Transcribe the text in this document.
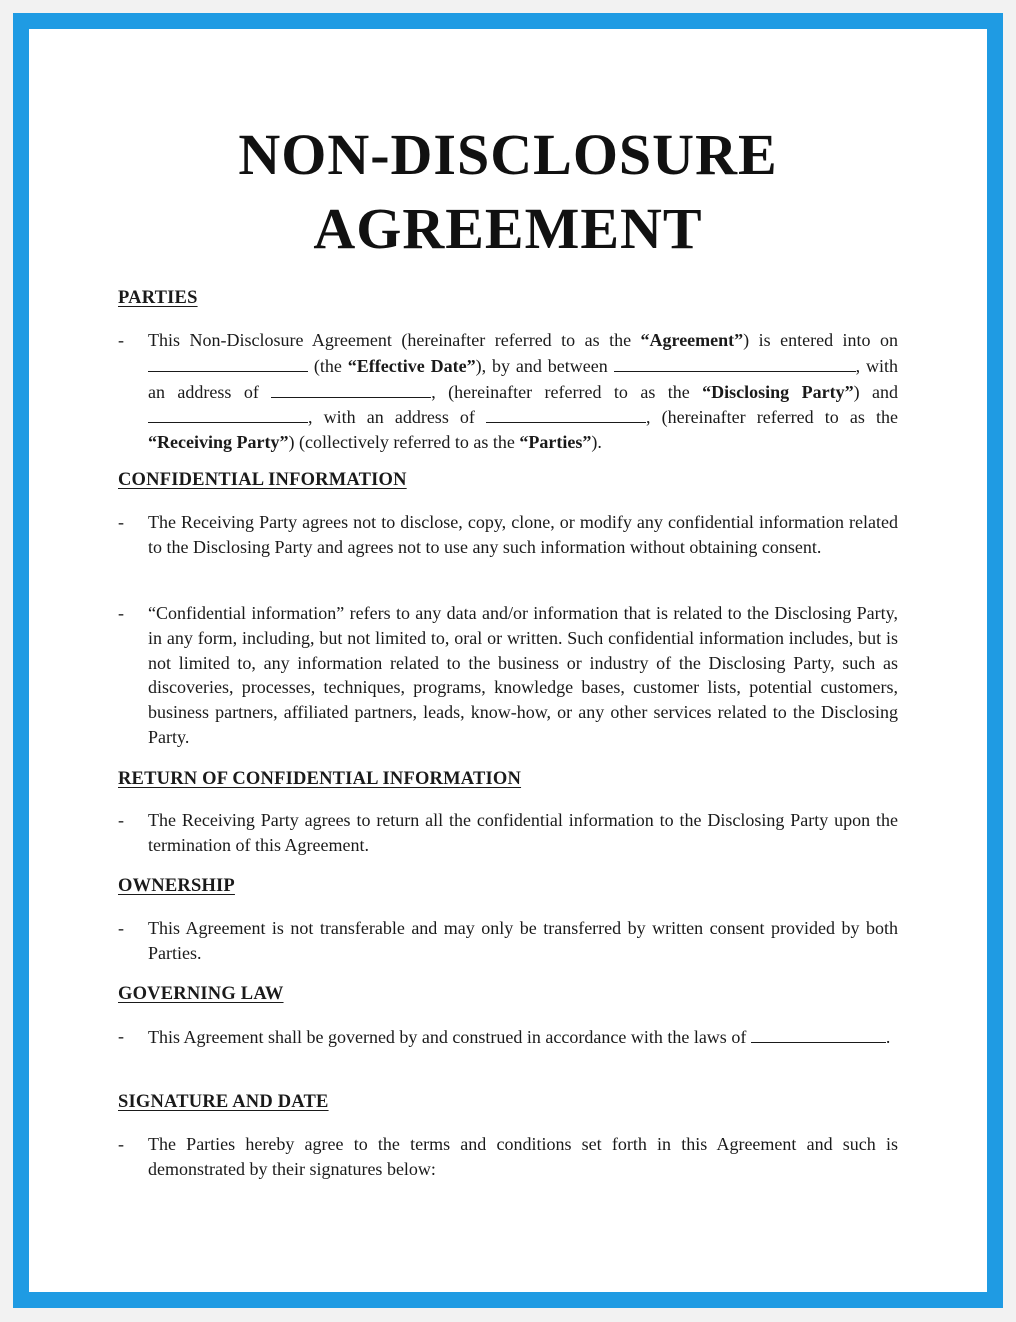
NON-DISCLOSURE
AGREEMENT
PARTIES
- This Non-Disclosure Agreement (hereinafter referred to as the “Agreement”) is entered into on  (the “Effective Date”), by and between	, with an address of	, (hereinafter referred to as the “Disclosing Party”) and , with an address of	, (hereinafter referred to as the “Receiving Party”) (collectively referred to as the “Parties”).
CONFIDENTIAL INFORMATION
- The Receiving Party agrees not to disclose, copy, clone, or modify any confidential information related to the Disclosing Party and agrees not to use any such information without obtaining consent.
- “Confidential information” refers to any data and/or information that is related to the Disclosing Party, in any form, including, but not limited to, oral or written. Such confidential information includes, but is not limited to, any information related to the business or industry of the Disclosing Party, such as discoveries, processes, techniques, programs, knowledge bases, customer lists, potential customers, business partners, affiliated partners, leads, know-how, or any other services related to the Disclosing Party.
RETURN OF CONFIDENTIAL INFORMATION
- The Receiving Party agrees to return all the confidential information to the Disclosing Party upon the termination of this Agreement.
OWNERSHIP
- This Agreement is not transferable and may only be transferred by written consent provided by both Parties.
GOVERNING LAW
- This Agreement shall be governed by and construed in accordance with the laws of	.
SIGNATURE AND DATE
- The Parties hereby agree to the terms and conditions set forth in this Agreement and such is demonstrated by their signatures below:
